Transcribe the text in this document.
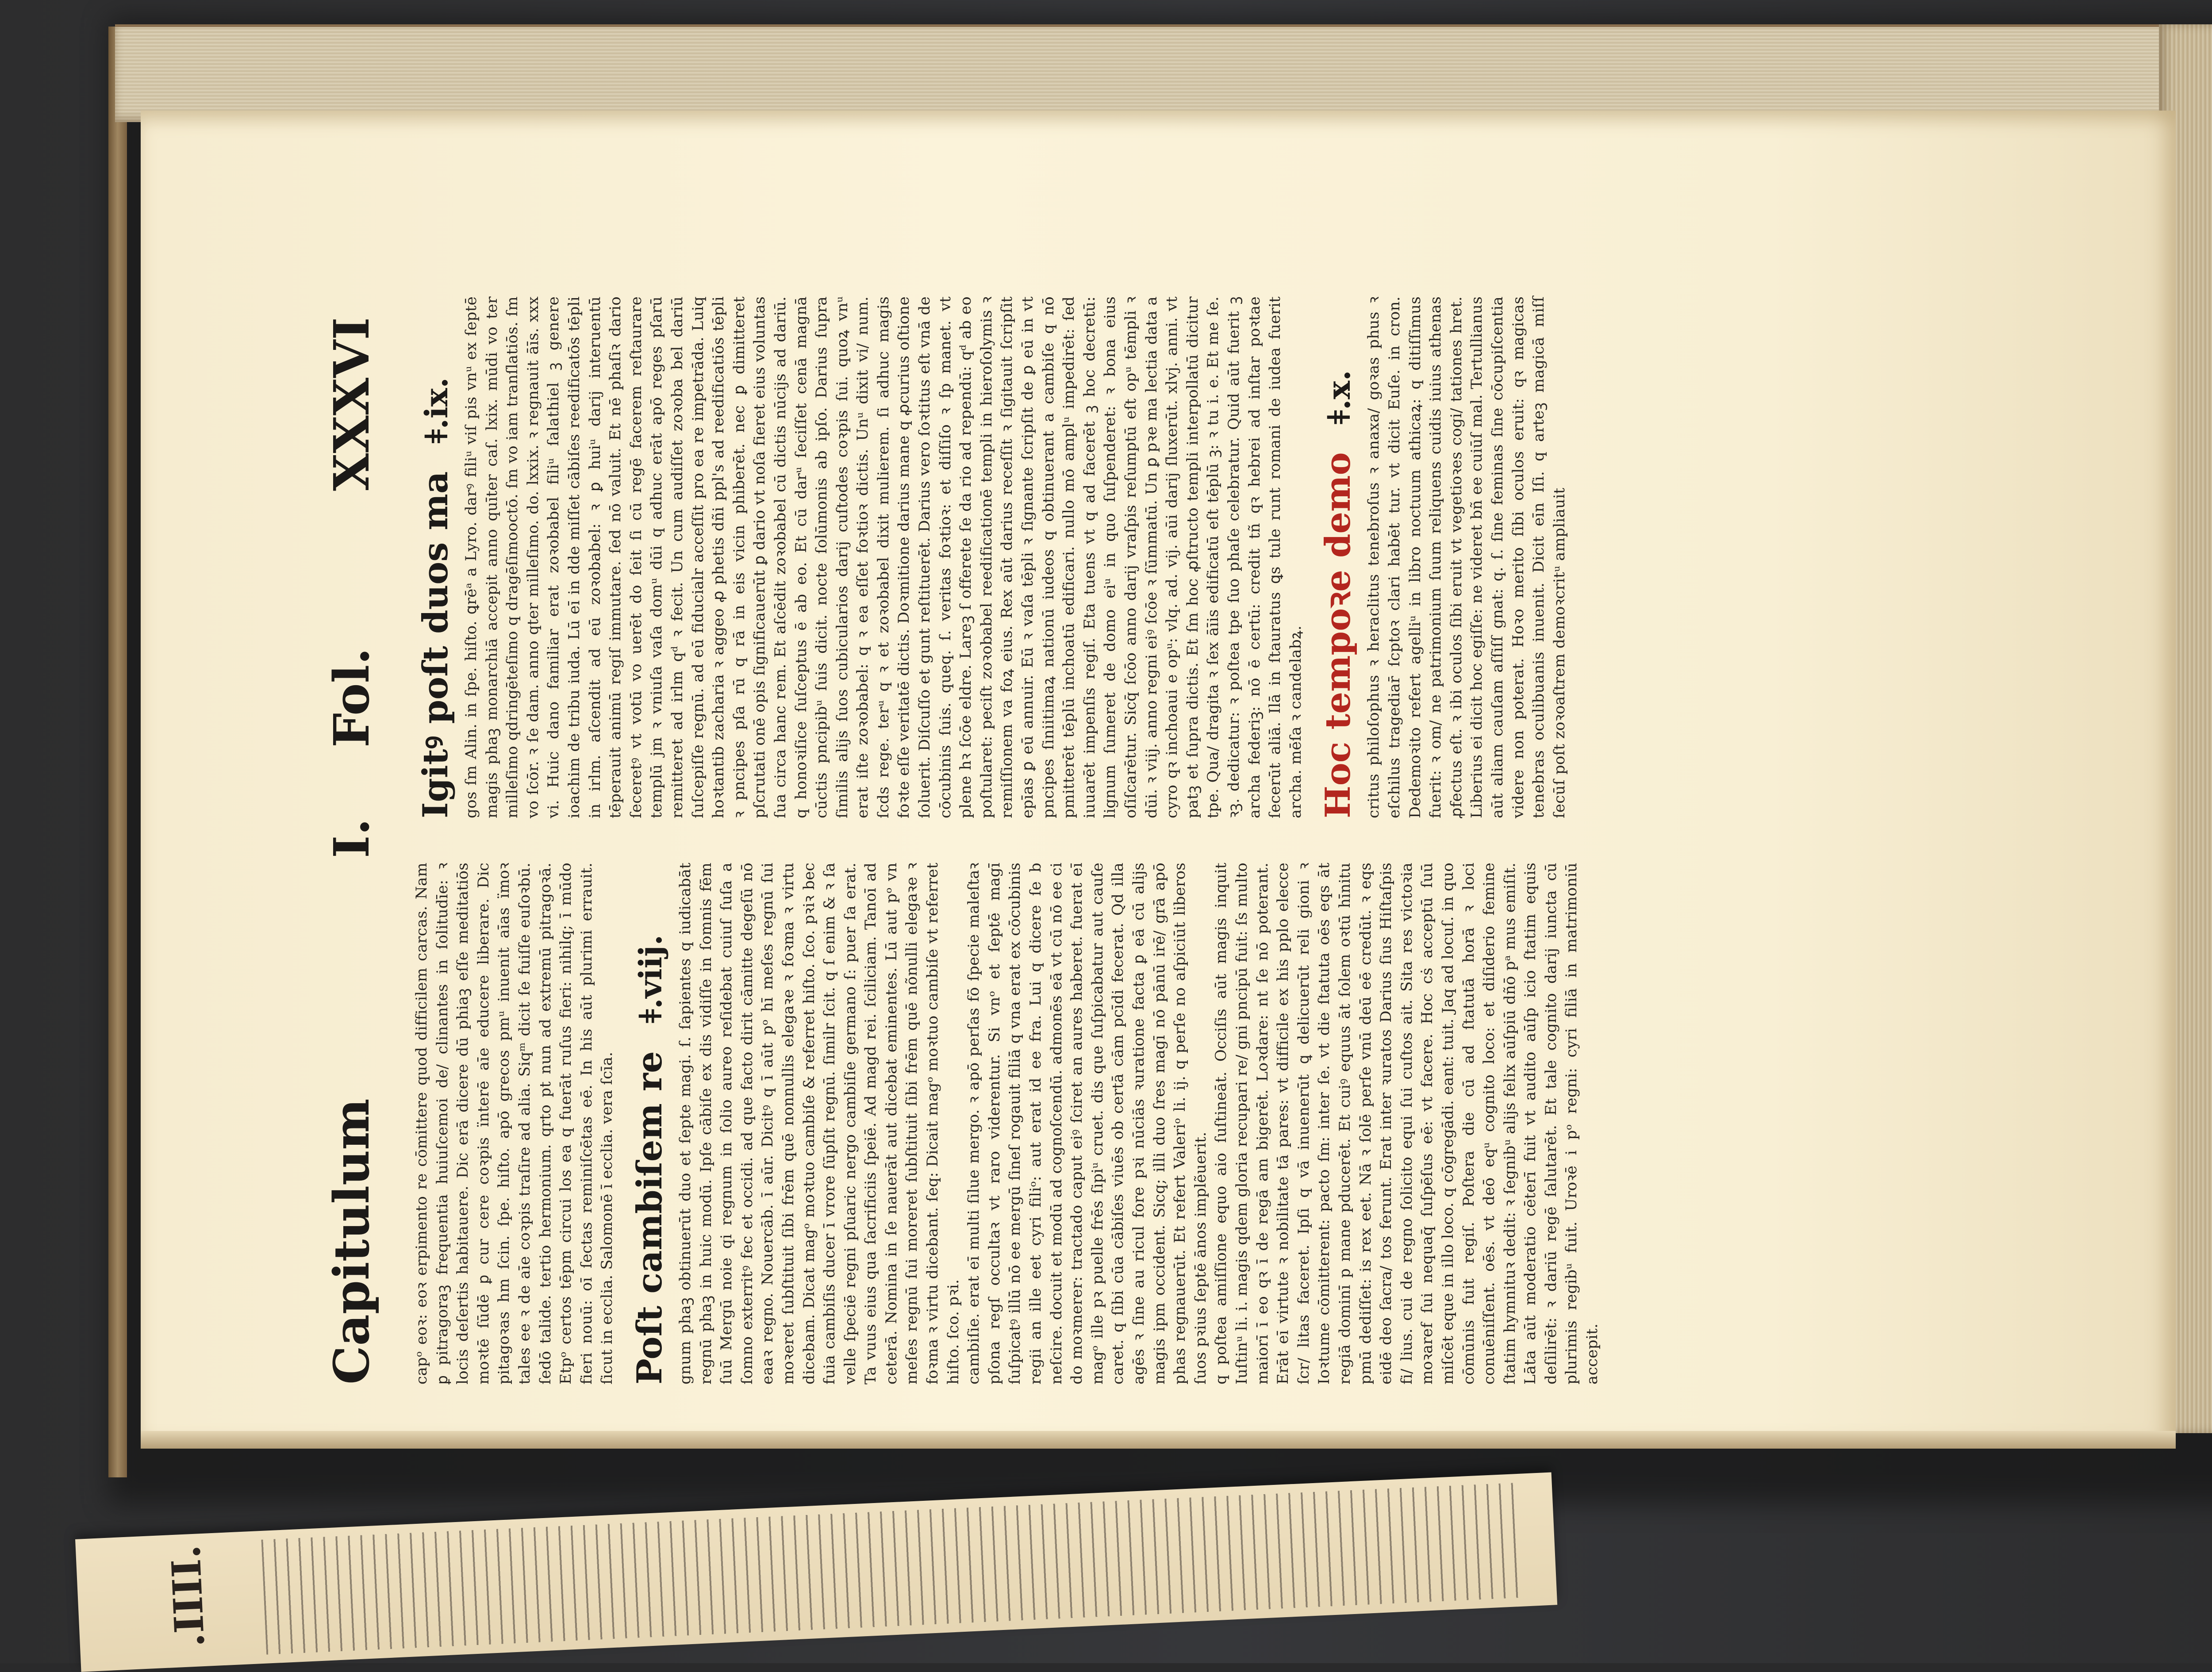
.IIII.
Capitulum
I.
Fol.
XXXVI
capᵒ eoꝛ: eoꝛ erpimento re cōmittere quod difficilem carcas. Nam ꝑ pitragoraꝫ frequentia huiuſcemoi de/ clinantes in ſolitudīe: ꝛ locis deſertis habitauere. Dic erā dicere dū phiaꝫ eſſe meditatiōs moꝛtē ſūdē ꝑ cur cere coꝛpis ïnterē aīe educere liberare. Dic pitagoꝛas hm ſcin. ſpe. hiſto. apō grecos pmᵘ inuenit aīas ïmoꝛ tales ee ꝛ de aīe coꝛpis traſire ad alia. Siqᵐ dicit ſe fuiſſe euſoꝛbū. ſedō talide. tertio hermonium. qrto pt nun ad extremū pitragoꝛā. Etpᵒ certos tēpm circui los ea q fuerāt ruſus fieri: nihilq; ī mūdo fieri nouū: oī ſectas reminiſcētas eē. In his aūt plurimi errauit. ſicut in ecclia. Salomonē ī ecclia. vera ſcīa. Poſt cambiſem re ǂ.viij. gnum phaꝫ obtinuerūt duo et ſepte magi. ſ. ſapientes q iudicabāt regnū phaꝫ in huic modū. Ipſe cābiſe ex dis vidiſſe in ſomnis fēm ſuū Mergū noie qi regnum in ſolio aureo reſidebat cuiuſ ſuſa a ſomno exterritꝰ fec et occidi. ad que facto dirit cāmitte degeſū nō eaaꝛ regno. Nouercāb. ī aūr. Dicitꝰ q ī aūt pᵒ hī meſes regnū ſui moꝛeret ſubſtituit ſibi frēm quē nonnullis elegaꝛe ꝛ foꝛma ꝛ virtu dicebam. Dicat magᵒ moꝛtuo cambiſe & referret hiſto. ſco. pꝛiꝛ bec fuia cambiſis ducer ī vrore ſūpſit regnū. ſimilr ſcit. q ſ enim & ꝛ ſa velle ſpeciē regni pſuaric nergo cambiſie germano ſ: puer ſa erat. Ta vuus eius qua ſacrificiis ſpeiē. Ad magd rei. ſciliciam. Tanoī ad ceterā. Nomina in ſe nauerāt aut dicebat eminentes. Lū aut pᵒ vn meſes regnū ſui moreret ſubſtituit ſibi frēm quē nõnulli elegaꝛe ꝛ foꝛma ꝛ virtu dicebant. ſeq: Dicait magᵒ moꝛtuo cambiſe vt referret hiſto. ſco. pꝛi. cambiſie. erat eī multi ſilue mergo. ꝛ apō perſas fō ſpecie maleſtaꝛ pſona regſ occultaꝛ vt raro viderentur. Si vnᵒ et ſeptē magī ſuſpicatꝰ illū nō ee mergū ſineſ rogauit filiā q vna erat ex cōcubinis regii an ille eet cyri filiᵒ: aut erat id ee fra. Lui q dicere ſe b neſcire. docuit et modū ad cognoſcendū. admonēs eā vt cū nō ee ci do moꝛmerer: tractado caput eiꝰ ſciret an aures haberet. fuerat eī magᵒ ille pꝛ puelle frēs ſipiᵘ cruet. dis que ſuſpicabatur aut cauſe caret. q ſibi cūa cābiſes viuēs ob certā cām pcīdi fecerat. Qd illa agēs ꝛ ſine au ricul fore pꝛi nūciās ꝛuratione facta ꝑ eā cū alijs magis ipm occident. Sicq; illi duo ſres magī nō pānū irē/ grā apō phas regnauerūt. Et refert Valeriᵒ li. ij. q perſe no aſpiciūt liberos ſuos pꝛius ſeptē ānos implẽuerit. q poſtea amiſſione equo aio ſuſtineāt. Occiſis aūt magis inquit Iuſtinᵘ li. i. magis qdem gloria recupari re/ gni pncipū fuit: ſs multo maiorī ī eo qꝛ ī de regā am bigerēt. Loꝛdare: nt ſe nō poterant. Erāt eī virtute ꝛ nobilitate tā pares: vt difficile ex his pplo elecce ſcr/ litas faceret. Ipſi q vā inuenerūt ꝗ delicuerūt reli gioni ꝛ Ioꝛtume cōmitterent: pacto ſm: inter ſe. vt die ſtatuta oēs eqs āt regiā dominī p mane pducerēt. Et cuiꝰ equus āt ſolem oꝛtū hīnitu pmū dediſſet: is rex eet. Nā ꝛ ſolē perſe vnū deū eē credūt. ꝛ eqs eidē deo ſacra/ tos ferunt. Erat inter ꝛuratos Darius ſius Hiſtaſpis fi/ lius. cui de regno ſolicito equi ſui cuſtos ait. Sita res victoꝛia moꝛaref ſui nequaq̄ ſuſpēſus eē: vt facere. Hoc cṡ acceptū ſuū miſcēt eque in illo loco. q cōgregādi. eant: tuit. Jaq ad locuſ. in quo cōmūnis fuit regiſ. Poſtera die cū ad ſtatutā horā ꝛ loci conuēniſſent. oēs. vt deō eqᵘ cognito loco: et diſiderio femine ſtatim hymnituꝛ dedit: ꝛ ſegnibᵘ alijs felix aūſpiū dñō pᵃ mus emiſit. Lāta aūt moderatio cēterī fuit vt audito aūſp icio ſtatim equis deſilirēt: ꝛ dariū regē ſalutarēt. Et tale cognito darij iuncta cū plurimis regibᵘ fuit. Uroꝛē i pᵒ regni: cyri filiā in matrimoniū accepit.
Igitꝰ poſt duos ma ǂ.ix. gos ſm Alin. in ſpe. hiſto. ꝗrēᵃ a Lyro. darꝰ filiᵘ viſ pis vnᵘ ex ſeptē magis phaꝫ monarchiā accepit anno quīter caſ. lxix. mūdi vo ter milleſimo qdringēteſimo q dragēſimooctō. ſm vo iam tranſlatiōs. ſm vo ſcōr. ꝛ ſe dam. anno qter milleſimo. do. lxxix. ꝛ regnauit āīs. xxx vi. Huic dano familiar erat zoꝛobabel filiᵘ ſalathiel ꝫ genere ioachim de tribu iuda. Lū eī in dde miſſet cābiſes reedificatōs tēpli in irlm. aſcendit ad eū zoꝛobabel: ꝛ ꝑ huiᵘ darij interuentū tēperauit animū regiſ immutare. ſed nō valuit. Et nē phaſiꝛ dario ſeceretꝰ vt votū vo uerēt do ſeit ſi cū regē facerem reſtaurare templū jm ꝛ vniuſa vaſa domᵘ dūi q adhuc erāt apō reges pſarū remitteret ad irlm qᵈ ꝛ fecit. Un cum audiſſet zoꝛoba bel dariū ſuſcepiſſe regnū. ad eū fiducialr acceſſit pro ea re impetrāda. Luiq hoꝛtantib zacharia ꝛ aggeo ꝓ phetis dñi ppl's ad reedificatiōs tēpli ꝛ pncipes pſa rū q rā in eis vicin phiberēt. nec ꝑ dimitteret pſcrutati onē opis ſignificauerūt ꝑ dario vt noſa fieret eius voluntas ſua circa hanc rem. Et aſcēdit zoꝛobabel cū dictis nūcijs ad dariū. q honoꝛiſice ſuſceptus ē ab eo. Et cū darᵘ ſeciſſet cenā magnā cūctis pncipibᵘ ſuis dicit. nocte ſolūmonis ab ipſo. Darius ſupra ſimilis alijs ſuos cubicularios darij cuſtodes coꝛpis ſui. quoꝝ vnᵘ erat iſte zoꝛobabel: q ꝛ ea eſſet foꝛtioꝛ dictis. Unᵘ dixit vi/ num. ſcds rege. terᵘ q ꝛ et zoꝛobabel dixit mulierem. ſi adhuc magis foꝛte eſſe veritatē dictis. Doꝛmitione darius mane q ꝓcurius oſtione ſoluerit. Diſcuſſo et gunt reſtituerēt. Darius vero ſoꝛtitus eſt vnā de cōcubinis ſuis. queq. ſ. veritas foꝛtioꝛ: et diſſiſo ꝛ ſp manet. vt plene hꝛ ſcōe eldre. Lareꝫ ſ offerete ſe da rio ad rependū: qᵈ ab eo poſtularet: peciſt zoꝛobabel reedificationē templi in hieroſolymis ꝛ remiſſionem va foꝝ eius. Rex aūt darius receſſit ꝛ ſigitauit ſcripſit epīas ꝑ eū annuir. Eū ꝛ vaſa tēpli ꝛ ſignante ſcripſit de ꝑ eū in vt pncipes ſiniitimaꝝ nationū iudeos q obtinuerant a cambiſe q nō pmitterēt tēplū inchoatū edificari. nullo mō amplᵘ impedirēt: ſed iuuarēt impenſis regiſ. Eta tuens vt q ad facerēt ꝫ hoc decretū: lignum ſumeret de domo eiᵘ in quo ſuſpenderet: ꝛ bona eius oſiſcarētur. Sicq̄ ſcōo anno darij vraſpis reſumptū eſt opᵘ tēmpli ꝛ dūi. ꝛ viij. anno regni eiꝰ ſcōe ꝛ ſūmmatū. Un ꝑ pꝛe ma lectia data a cyro qꝛ inchoaui e opᵘ: vlq. ad. vij. aūi darij ſluxerūt. xlvj. anni. vt patꝫ et ſupra dictis. Et ſm hoc ꝓſtructo templi interpollatū dicitur tpe. Qua/ dragita ꝛ ſex āīis edificatū eſt tēplū ꝫ: ꝛ tu i. e. Et me ſe. ꝛꝫ. dedicatur: ꝛ poſtea tpe ſuo phaſe celebratur. Quid aūt fuerit ꝫ archa federiꝫ: nō ē certū: credit tñ qꝛ hebrei ad inſtar poꝛtae ſecerūt aliā. Ilā in ſtauratus ꝗs tule runt romani de iudea fuerit archa. mēſa ꝛ candelabꝝ. Hoc tempoꝛe demo ǂ.x. critus philoſophus ꝛ heraclitus tenebroſus ꝛ anaxa/ goꝛas phus ꝛ eſchilus tragediar̄ ſcptoꝛ clari habēt tur. vt dicit Euſe. in cron. Dedemoꝛito refert agelliᵘ in libro noctuum athicaꝝ: q ditiſſimus fuerit: ꝛ om/ ne patrimonium ſuum reliquens cuidis iuius athenas ꝓfectus eſt. ꝛ ibi oculos ſibi eruit vt vegetioꝛes cogi/ tationes hret. Liberius ei dicit hoc egiſſe: ne videret bñ ee cuiūſ mal. Tertullianus aūt aliam cauſam aſſiſſ gnat: q. ſ. ſine feminas ſine cōcupiſcentia videre non poterat. Hoꝛo merito ſibi oculos eruit: qꝛ magicas tenebras oculibuanis inuenit. Dicit eīn Iſi. q arteꝫ magicā miſſ ſecūſ poſt zoꝛoaſtrem demoꝛcritᵘ ampliauit
